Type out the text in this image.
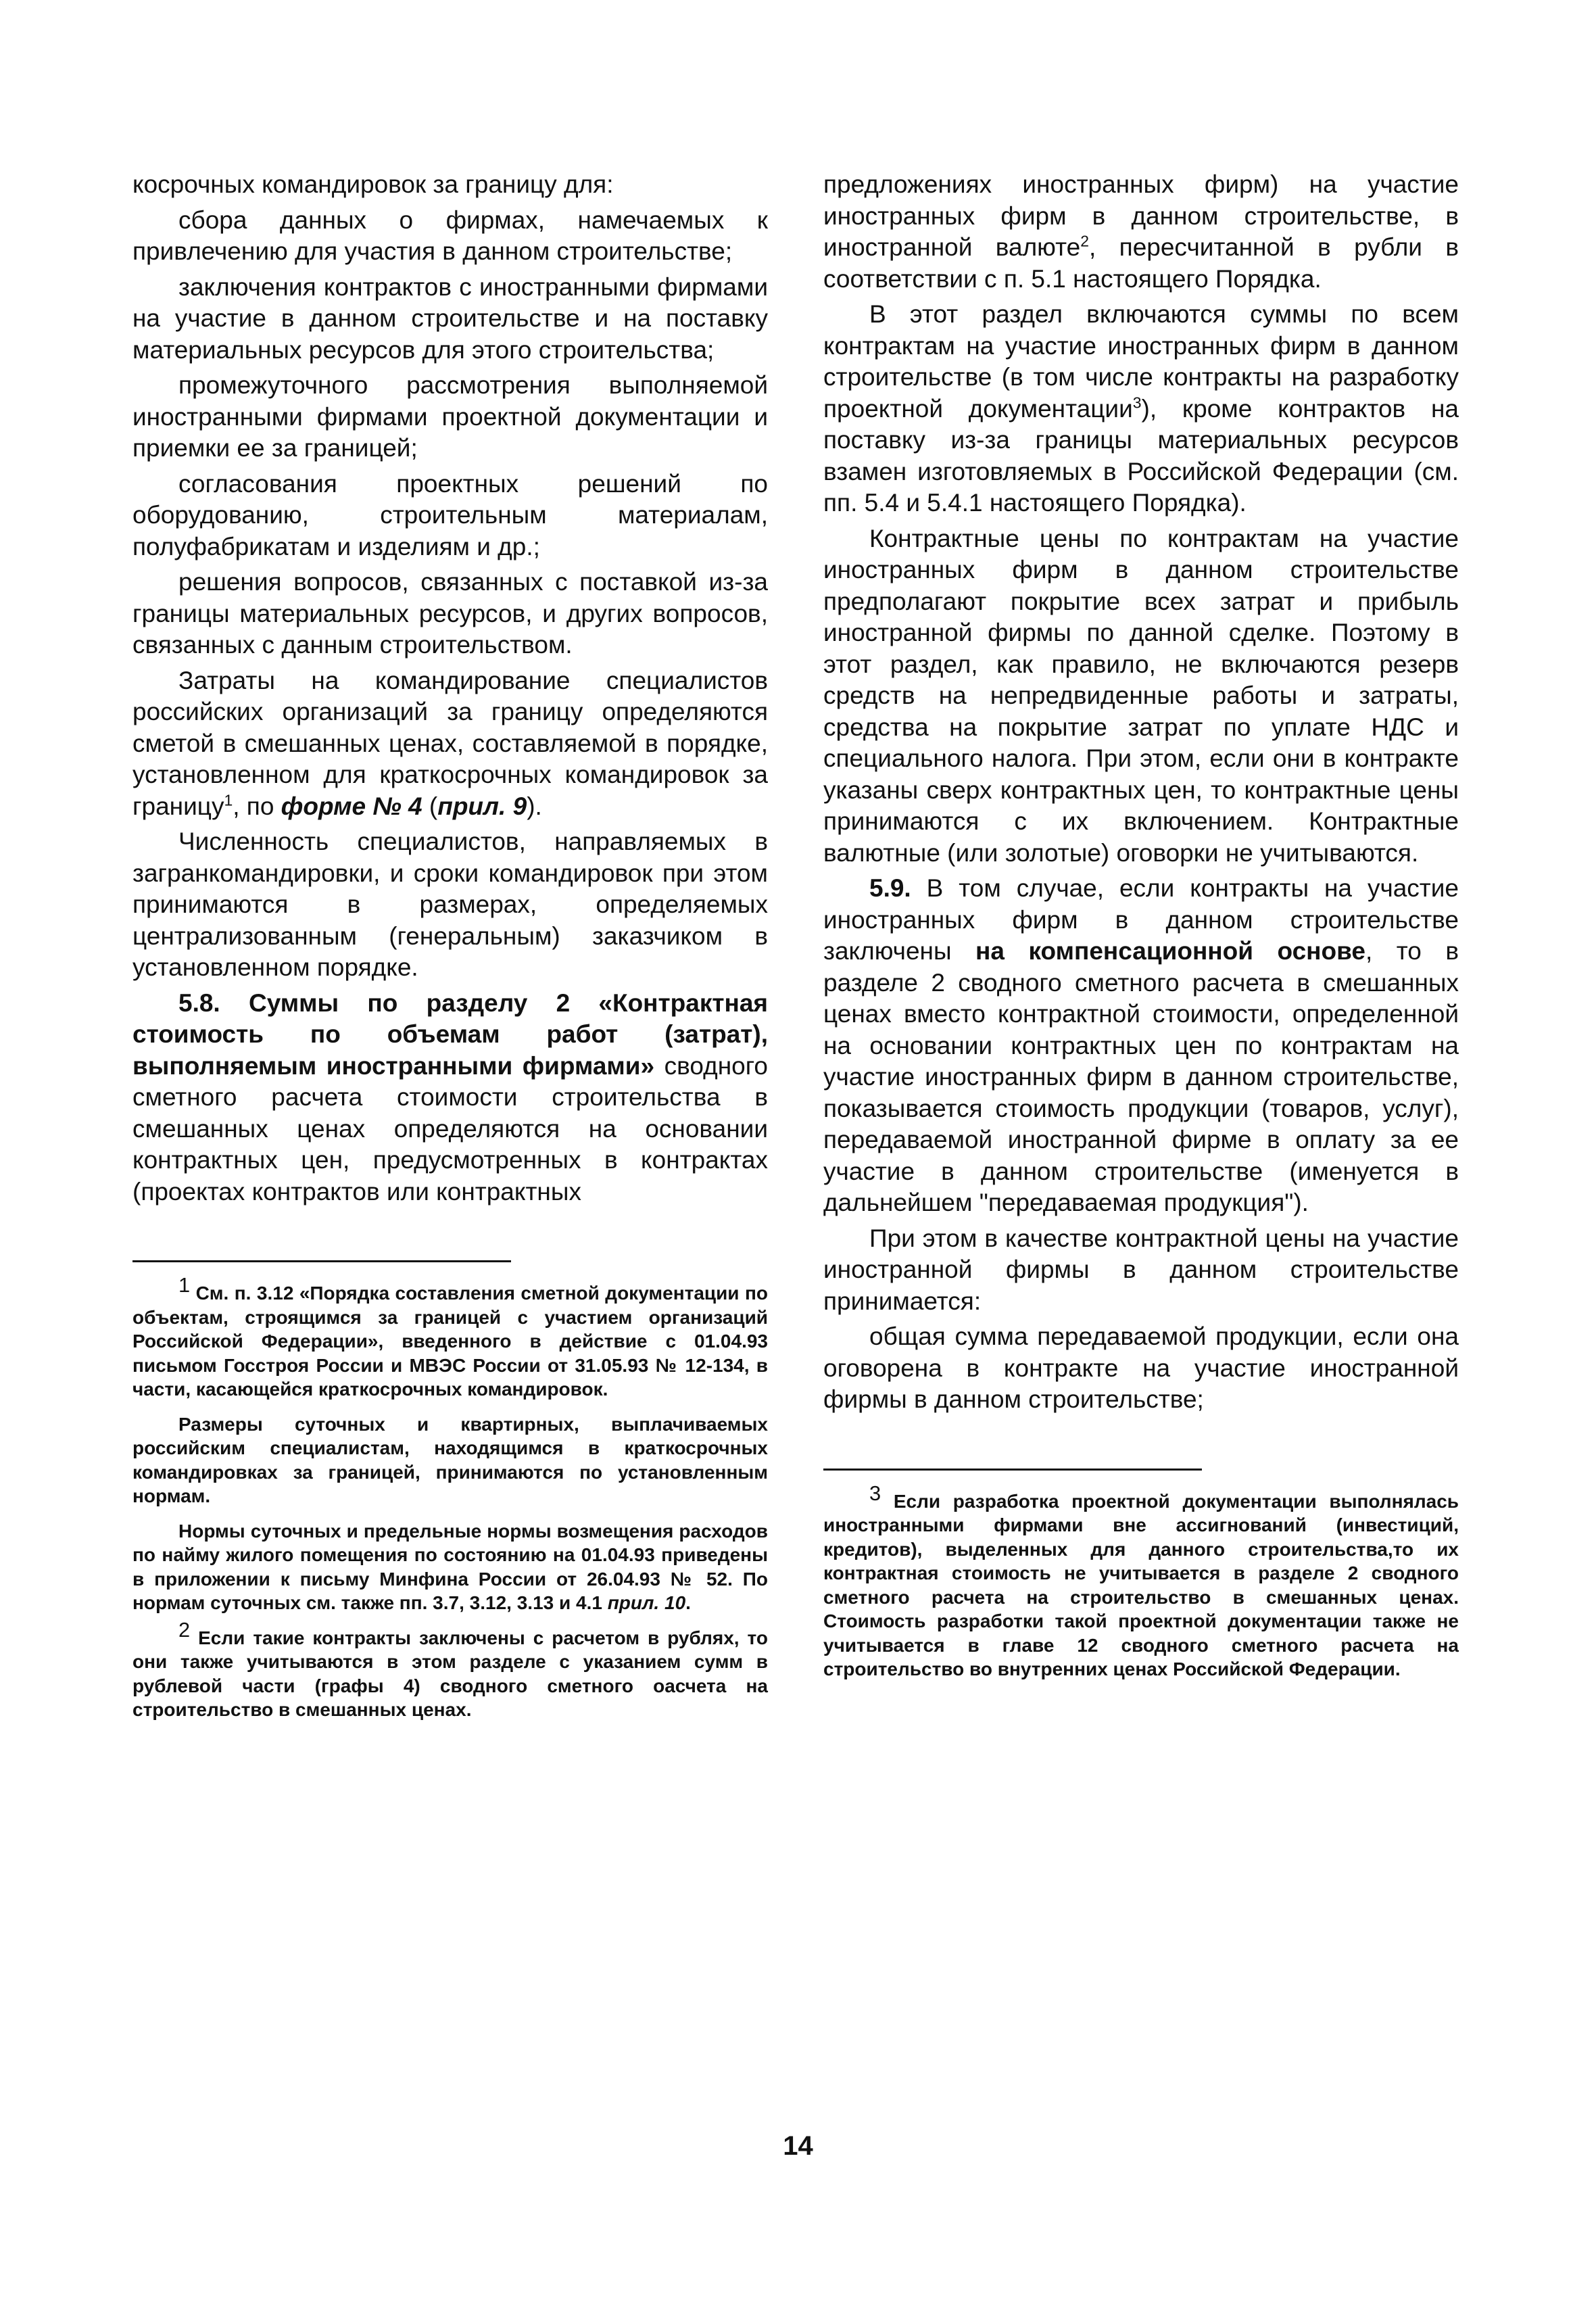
косрочных командировок за границу для:

сбора данных о фирмах, намечаемых к привлечению для участия в данном строительстве;

заключения контрактов с иностранными фирмами на участие в данном строительстве и на поставку материальных ресурсов для этого строительства;

промежуточного рассмотрения выполняемой иностранными фирмами проектной документации и приемки ее за границей;

согласования проектных решений по оборудованию, строительным материалам, полуфабрикатам и изделиям и др.;

решения вопросов, связанных с поставкой из-за границы материальных ресурсов, и других вопросов, связанных с данным строительством.

Затраты на командирование специалистов российских организаций за границу определяются сметой в смешанных ценах, составляемой в порядке, установленном для краткосрочных командировок за границу$^1$, по форме № 4 (прил. 9).

Численность специалистов, направляемых в загранкомандировки, и сроки командировок при этом принимаются в размерах, определяемых централизованным (генеральным) заказчиком в установленном порядке.

5.8. Суммы по разделу 2 «Контрактная стоимость по объемам работ (затрат), выполняемым иностранными фирмами» сводного сметного расчета стоимости строительства в смешанных ценах определяются на основании контрактных цен, предусмотренных в контрактах (проектах контрактов или контрактных

$^1$ См. п. 3.12 «Порядка составления сметной документации по объектам, строящимся за границей с участием организаций Российской Федерации», введенного в действие с 01.04.93 письмом Госстроя России и МВЭС России от 31.05.93 № 12-134, в части, касающейся краткосрочных командировок.

Размеры суточных и квартирных, выплачиваемых российским специалистам, находящимся в краткосрочных командировках за границей, принимаются по установленным нормам.

Нормы суточных и предельные нормы возмещения расходов по найму жилого помещения по состоянию на 01.04.93 приведены в приложении к письму Минфина России от 26.04.93 № 52. По нормам суточных см. также пп. 3.7, 3.12, 3.13 и 4.1 прил. 10.

$^2$ Если такие контракты заключены с расчетом в рублях, то они также учитываются в этом разделе с указанием сумм в рублевой части (графы 4) сводного сметного оасчета на строительство в смешанных ценах.

предложениях иностранных фирм) на участие иностранных фирм в данном строительстве, в иностранной валюте$^2$, пересчитанной в рубли в соответствии с п. 5.1 настоящего Порядка.

В этот раздел включаются суммы по всем контрактам на участие иностранных фирм в данном строительстве (в том числе контракты на разработку проектной документации$^3$), кроме контрактов на поставку из-за границы материальных ресурсов взамен изготовляемых в Российской Федерации (см. пп. 5.4 и 5.4.1 настоящего Порядка).

Контрактные цены по контрактам на участие иностранных фирм в данном строительстве предполагают покрытие всех затрат и прибыль иностранной фирмы по данной сделке. Поэтому в этот раздел, как правило, не включаются резерв средств на непредвиденные работы и затраты, средства на покрытие затрат по уплате НДС и специального налога. При этом, если они в контракте указаны сверх контрактных цен, то контрактные цены принимаются с их включением. Контрактные валютные (или золотые) оговорки не учитываются.

5.9. В том случае, если контракты на участие иностранных фирм в данном строительстве заключены на компенсационной основе, то в разделе 2 сводного сметного расчета в смешанных ценах вместо контрактной стоимости, определенной на основании контрактных цен по контрактам на участие иностранных фирм в данном строительстве, показывается стоимость продукции (товаров, услуг), передаваемой иностранной фирме в оплату за ее участие в данном строительстве (именуется в дальнейшем "передаваемая продукция").

При этом в качестве контрактной цены на участие иностранной фирмы в данном строительстве принимается:

общая сумма передаваемой продукции, если она оговорена в контракте на участие иностранной фирмы в данном строительстве;

$^3$ Если разработка проектной документации выполнялась иностранными фирмами вне ассигнований (инвестиций, кредитов), выделенных для данного строительства,то их контрактная стоимость не учитывается в разделе 2 сводного сметного расчета на строительство в смешанных ценах. Стоимость разработки такой проектной документации также не учитывается в главе 12 сводного сметного расчета на строительство во внутренних ценах Российской Федерации.

14
